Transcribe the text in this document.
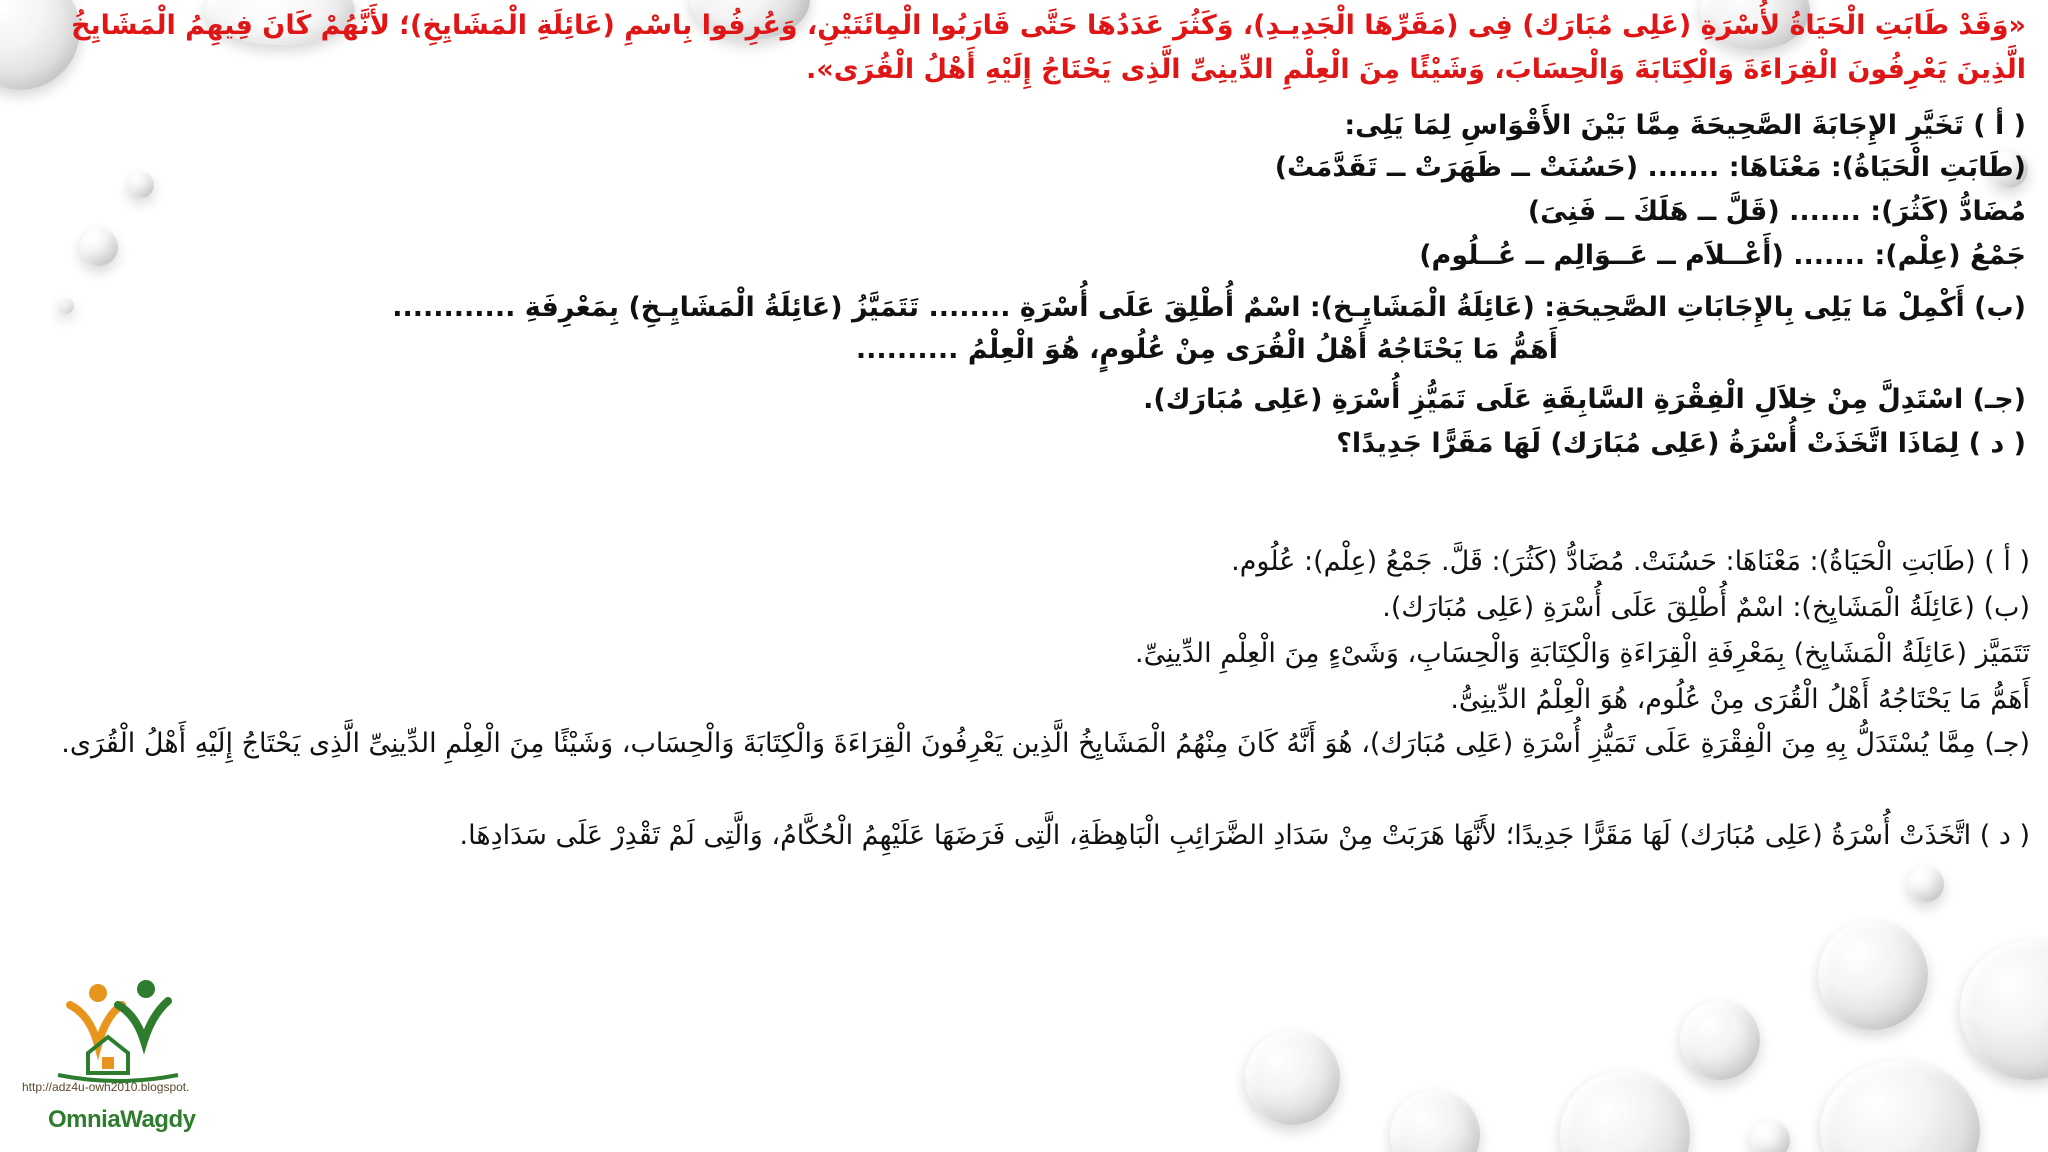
«وَقَدْ طَابَتِ الْحَيَاةُ لأُسْرَةِ (عَلِى مُبَارَك) فِى (مَقَرِّهَا الْجَدِيـدِ)، وَكَثُرَ عَدَدُهَا حَتَّى قَارَبُوا الْمِائَتَيْنِ، وَعُرِفُوا بِاسْمِ (عَائِلَةِ الْمَشَايِخِ)؛ لأَنَّهُمْ كَانَ فِيهِمُ الْمَشَايِخُ الَّذِينَ يَعْرِفُونَ الْقِرَاءَةَ وَالْكِتَابَةَ وَالْحِسَابَ، وَشَيْئًا مِنَ الْعِلْمِ الدِّينِىِّ الَّذِى يَحْتَاجُ إِلَيْهِ أَهْلُ الْقُرَى».
( أ ) تَخَيَّرِ الإِجَابَةَ الصَّحِيحَةَ مِمَّا بَيْنَ الأَقْوَاسِ لِمَا يَلِى:
(طَابَتِ الْحَيَاةُ): مَعْنَاهَا: ....... (حَسُنَتْ ــ ظَهَرَتْ ــ تَقَدَّمَتْ)
مُضَادُّ (كَثُرَ): ....... (قَلَّ ــ هَلَكَ ــ فَنِىَ)
جَمْعُ (عِلْم): ....... (أَعْــلاَم ــ عَــوَالِم ــ عُــلُوم)
(ب) أَكْمِلْ مَا يَلِى بِالإِجَابَاتِ الصَّحِيحَةِ: (عَائِلَةُ الْمَشَايِـخ): اسْمٌ أُطْلِقَ عَلَى أُسْرَةِ ........ تَتَمَيَّزُ (عَائِلَةُ الْمَشَايِـخِ) بِمَعْرِفَةِ ............
أَهَمُّ مَا يَحْتَاجُهُ أَهْلُ الْقُرَى مِنْ عُلُومٍ، هُوَ الْعِلْمُ ..........
(جـ) اسْتَدِلَّ مِنْ خِلاَلِ الْفِقْرَةِ السَّابِقَةِ عَلَى تَمَيُّزِ أُسْرَةِ (عَلِى مُبَارَك).
( د ) لِمَاذَا اتَّخَذَتْ أُسْرَةُ (عَلِى مُبَارَك) لَهَا مَقَرًّا جَدِيدًا؟
( أ ) (طَابَتِ الْحَيَاةُ): مَعْنَاهَا: حَسُنَتْ. مُضَادُّ (كَثُرَ): قَلَّ. جَمْعُ (عِلْم): عُلُوم.
(ب) (عَائِلَةُ الْمَشَايِخ): اسْمٌ أُطْلِقَ عَلَى أُسْرَةِ (عَلِى مُبَارَك).
تَتَمَيَّز (عَائِلَةُ الْمَشَايِخ) بِمَعْرِفَةِ الْقِرَاءَةِ وَالْكِتَابَةِ وَالْحِسَابِ، وَشَىْءٍ مِنَ الْعِلْمِ الدِّينِىِّ.
أَهَمُّ مَا يَحْتَاجُهُ أَهْلُ الْقُرَى مِنْ عُلُوم، هُوَ الْعِلْمُ الدِّينِىُّ.
(جـ) مِمَّا يُسْتَدَلُّ بِهِ مِنَ الْفِقْرَةِ عَلَى تَمَيُّزِ أُسْرَةِ (عَلِى مُبَارَك)، هُوَ أَنَّهُ كَانَ مِنْهُمُ الْمَشَايِخُ الَّذِين يَعْرِفُونَ الْقِرَاءَةَ وَالْكِتَابَةَ وَالْحِسَاب، وَشَيْئًا مِنَ الْعِلْمِ الدِّينِىِّ الَّذِى يَحْتَاجُ إِلَيْهِ أَهْلُ الْقُرَى.
( د ) اتَّخَذَتْ أُسْرَةُ (عَلِى مُبَارَك) لَهَا مَقَرًّا جَدِيدًا؛ لأَنَّهَا هَرَبَتْ مِنْ سَدَادِ الضَّرَائِبِ الْبَاهِظَةِ، الَّتِى فَرَضَهَا عَلَيْهِمُ الْحُكَّامُ، وَالَّتِى لَمْ تَقْدِرْ عَلَى سَدَادِهَا.
http://adz4u-owh2010.blogspot.
OmniaWagdy
